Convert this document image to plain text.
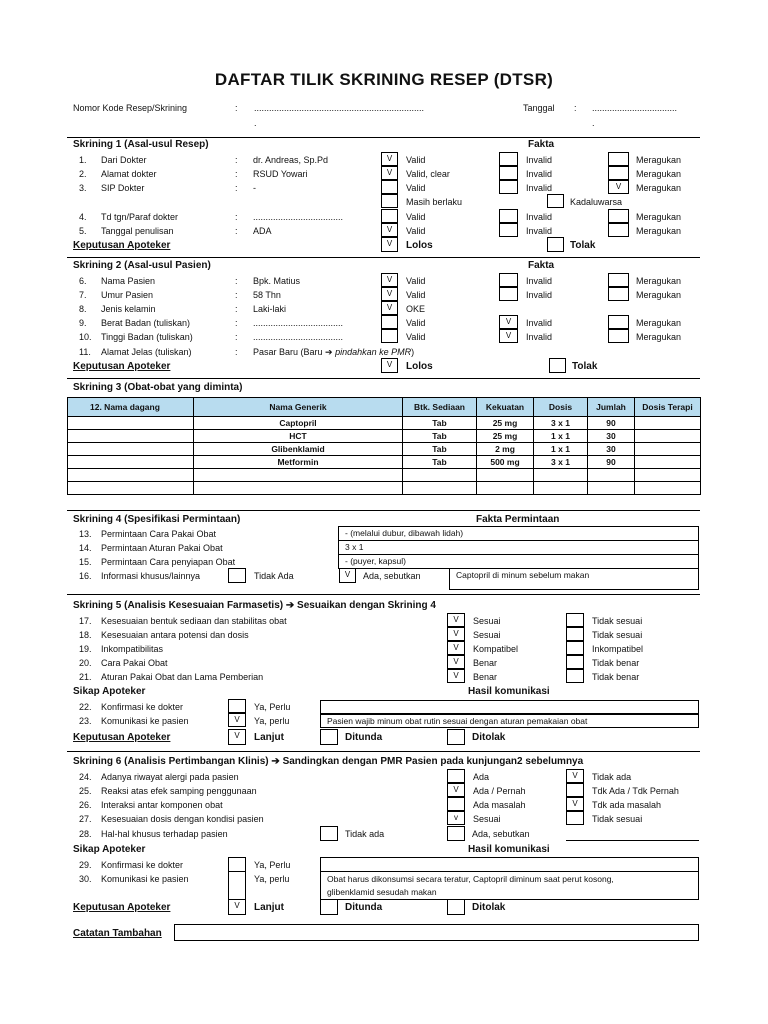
DAFTAR TILIK SKRINING RESEP (DTSR)
Nomor Kode Resep/Skrining	: ....................................................................	Tanggal : ..................................
.	.
Skrining 1 (Asal-usul Resep)	Fakta
1. Dari Dokter	: dr. Andreas, Sp.Pd	V	Valid	Invalid	Meragukan
2. Alamat dokter	: RSUD Yowari	V	Valid, clear	Invalid	Meragukan
3. SIP Dokter	: -	Valid	Invalid	V	Meragukan
4. Td tgn/Paraf dokter	: ....................................	Valid	Invalid	Meragukan
5. Tanggal penulisan	: ADA	V	Valid	Invalid	Meragukan
Masih berlaku	Kadaluwarsa
Keputusan Apoteker	V	Lolos	Tolak
Skrining 2 (Asal-usul Pasien)	Fakta
6. Nama Pasien	: Bpk. Matius	V	Valid	Invalid	Meragukan
7. Umur Pasien	: 58 Thn	V	Valid	Invalid	Meragukan
8. Jenis kelamin	: Laki-laki	V	OKE
9. Berat Badan (tuliskan)	: ....................................	Valid	V	Invalid	Meragukan
10. Tinggi Badan (tuliskan)	: ....................................	Valid	V	Invalid	Meragukan
11. Alamat Jelas (tuliskan)	: Pasar Baru (Baru ➔ pindahkan ke PMR)
Keputusan Apoteker	V	Lolos	Tolak
Skrining 3 (Obat-obat yang diminta)
12. Nama dagang	Nama Generik	Btk. Sediaan	Kekuatan	Dosis	Jumlah	Dosis Terapi
	Captopril	Tab	25 mg	3 x 1	90	
	HCT	Tab	25 mg	1 x 1	30	
	Glibenklamid	Tab	2 mg	1 x 1	30	
	Metformin	Tab	500 mg	3 x 1	90	

Skrining 4 (Spesifikasi Permintaan)	Fakta Permintaan
13. Permintaan Cara Pakai Obat	- (melalui dubur, dibawah lidah)
14. Permintaan Aturan Pakai Obat	3 x 1
15. Permintaan Cara penyiapan Obat	- (puyer, kapsul)
16. Informasi khusus/lainnya	Tidak Ada	V	Ada, sebutkan	Captopril di minum sebelum makan
Skrining 5 (Analisis Kesesuaian Farmasetis) ➔ Sesuaikan dengan Skrining 4
17. Kesesuaian bentuk sediaan dan stabilitas obat	V	Sesuai	Tidak sesuai
18. Kesesuaian antara potensi dan dosis	V	Sesuai	Tidak sesuai
19. Inkompatibilitas	V	Kompatibel	Inkompatibel
20. Cara Pakai Obat	V	Benar	Tidak benar
21. Aturan Pakai Obat dan Lama Pemberian	V	Benar	Tidak benar
Sikap Apoteker	Hasil komunikasi
22. Konfirmasi ke dokter	Ya, Perlu
23. Komunikasi ke pasien	V	Ya, perlu	Pasien wajib minum obat rutin sesuai dengan aturan pemakaian obat
Keputusan Apoteker	V	Lanjut	Ditunda	Ditolak
Skrining 6 (Analisis Pertimbangan Klinis) ➔ Sandingkan dengan PMR Pasien pada kunjungan2 sebelumnya
24. Adanya riwayat alergi pada pasien	Ada	V	Tidak ada
25. Reaksi atas efek samping penggunaan	V	Ada / Pernah	Tdk Ada / Tdk Pernah
26. Interaksi antar komponen obat	Ada masalah	V	Tdk ada masalah
27. Kesesuaian dosis dengan kondisi pasien	v	Sesuai	Tidak sesuai
28. Hal-hal khusus terhadap pasien	Tidak ada	Ada, sebutkan
Sikap Apoteker	Hasil komunikasi
29. Konfirmasi ke dokter	Ya, Perlu
30. Komunikasi ke pasien	Ya, perlu	Obat harus dikonsumsi secara teratur, Captopril diminum saat perut kosong,
glibenklamid sesudah makan
Keputusan Apoteker	V	Lanjut	Ditunda	Ditolak
Catatan Tambahan
